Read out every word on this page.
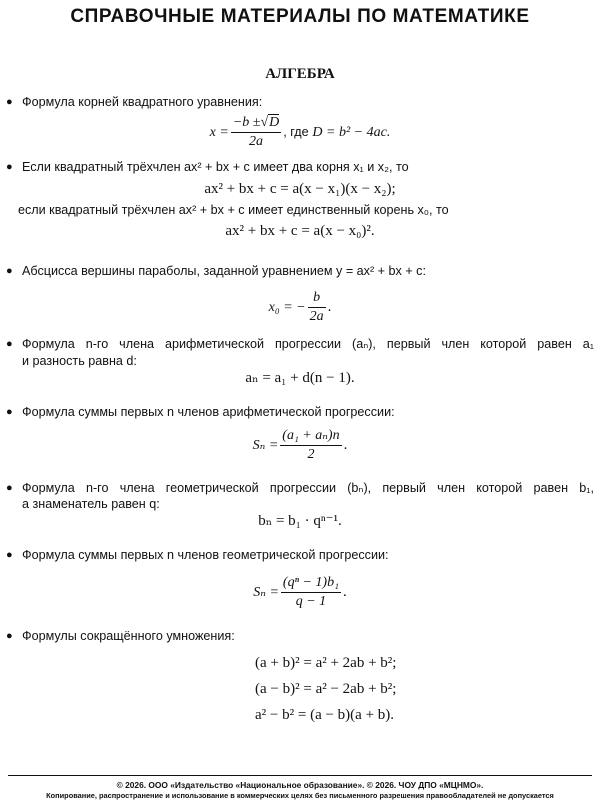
СПРАВОЧНЫЕ МАТЕРИАЛЫ ПО МАТЕМАТИКЕ
АЛГЕБРА
● Формула корней квадратного уравнения:
$x = \frac{-b \pm√D}{2a}$ , где D = b² − 4ac.
● Если квадратный трёхчлен ax² + bx + c имеет два корня x₁ и x₂, то
ax² + bx + c = a(x − x₁)(x − x₂);
если квадратный трёхчлен ax² + bx + c имеет единственный корень x₀, то
ax² + bx + c = a(x − x₀)².
● Абсцисса вершины параболы, заданной уравнением y = ax² + bx + c:
x₀ = − $\frac{b}{2a}$ .
● Формула n-го члена арифметической прогрессии (aₙ), первый член которой равен a₁
и разность равна d:
aₙ = a₁ + d(n − 1).
● Формула суммы первых n членов арифметической прогрессии:
$S_n = \frac{\text{(a₁ + aₙ)n}}{2}$ .
● Формула n-го члена геометрической прогрессии (bₙ), первый член которой равен b₁,
а знаменатель равен q:
bₙ = b₁ · qⁿ⁻¹.
● Формула суммы первых n членов геометрической прогрессии:
$S_n = \frac{\text{(qⁿ − 1)b₁}}{q - 1}$ .
● Формулы сокращённого умножения:
(a + b)² = a² + 2ab + b²;
(a − b)² = a² − 2ab + b²;
a² − b² = (a − b)(a + b).
© 2026. ООО «Издательство «Национальное образование». © 2026. ЧОУ ДПО «МЦНМО».
Копирование, распространение и использование в коммерческих целях без письменного разрешения правообладателей не допускается
